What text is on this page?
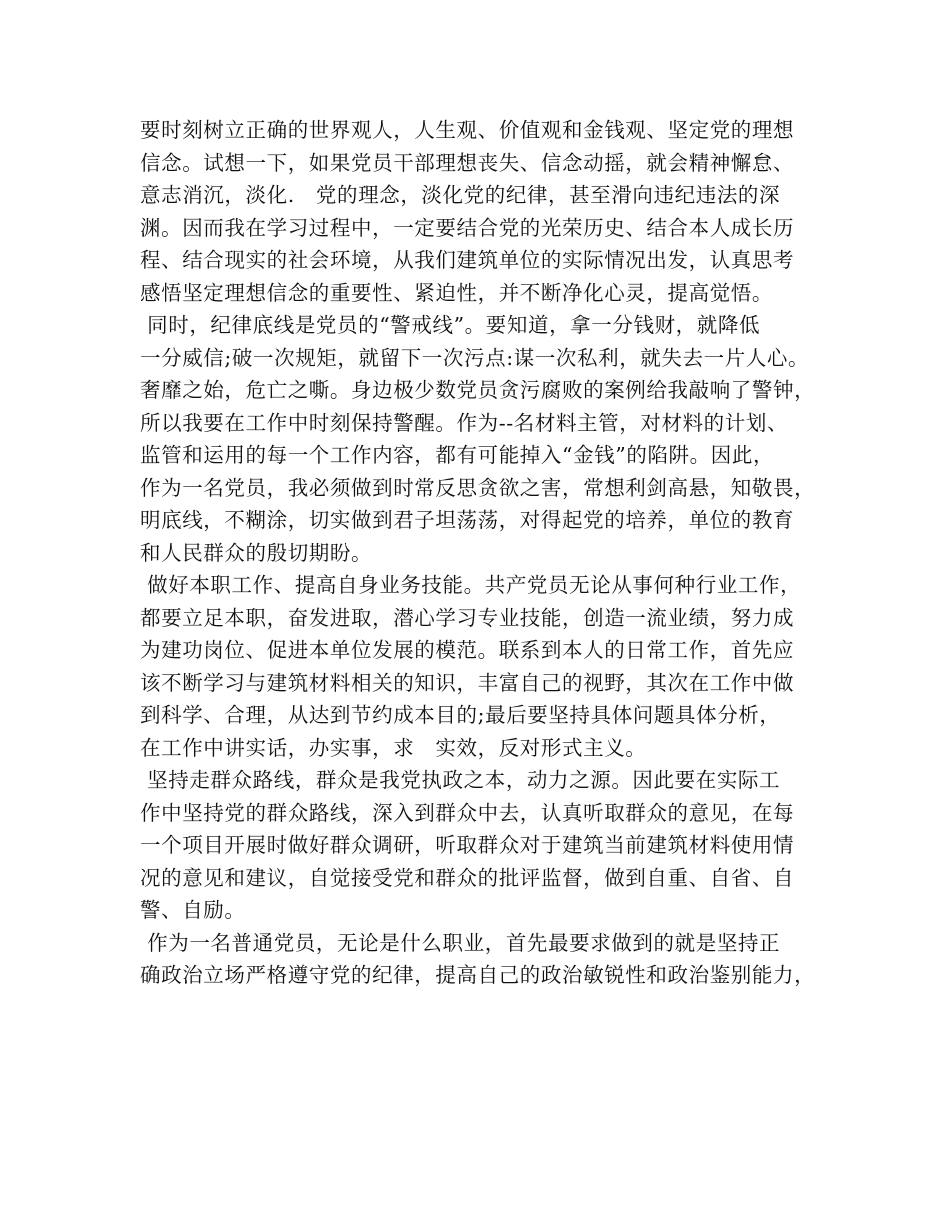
要时刻树立正确的世界观人，人生观、价值观和金钱观、坚定党的理想
信念。试想一下，如果党员干部理想丧失、信念动摇，就会精神懈怠、
意志消沉，淡化.　党的理念，淡化党的纪律，甚至滑向违纪违法的深
渊。因而我在学习过程中，一定要结合党的光荣历史、结合本人成长历
程、结合现实的社会环境，从我们建筑单位的实际情况出发，认真思考
感悟坚定理想信念的重要性、紧迫性，并不断净化心灵，提高觉悟。
同时，纪律底线是党员的“警戒线”。要知道，拿一分钱财，就降低
一分威信;破一次规矩，就留下一次污点:谋一次私利，就失去一片人心。
奢靡之始，危亡之嘶。身边极少数党员贪污腐败的案例给我敲响了警钟，
所以我要在工作中时刻保持警醒。作为--名材料主管，对材料的计划、
监管和运用的每一个工作内容，都有可能掉入“金钱”的陷阱。因此，
作为一名党员，我必须做到时常反思贪欲之害，常想利剑高悬，知敬畏，
明底线，不糊涂，切实做到君子坦荡荡，对得起党的培养，单位的教育
和人民群众的殷切期盼。
做好本职工作、提高自身业务技能。共产党员无论从事何种行业工作，
都要立足本职，奋发进取，潜心学习专业技能，创造一流业绩，努力成
为建功岗位、促进本单位发展的模范。联系到本人的日常工作，首先应
该不断学习与建筑材料相关的知识，丰富自己的视野，其次在工作中做
到科学、合理，从达到节约成本目的;最后要坚持具体问题具体分析，
在工作中讲实话，办实事，求　实效，反对形式主义。
坚持走群众路线，群众是我党执政之本，动力之源。因此要在实际工
作中坚持党的群众路线，深入到群众中去，认真听取群众的意见，在每
一个项目开展时做好群众调研，听取群众对于建筑当前建筑材料使用情
况的意见和建议，自觉接受党和群众的批评监督，做到自重、自省、自
警、自励。
作为一名普通党员，无论是什么职业，首先最要求做到的就是坚持正
确政治立场严格遵守党的纪律，提高自己的政治敏锐性和政治鉴别能力，
